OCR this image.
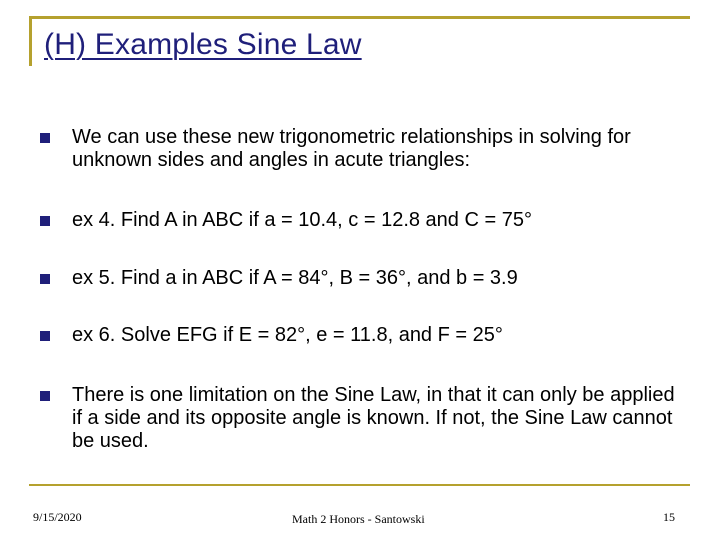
(H) Examples Sine Law
We can use these new trigonometric relationships in solving for unknown sides and angles in acute triangles:
ex 4. Find A in ABC if a = 10.4, c = 12.8 and C = 75°
ex 5. Find a in ABC if A = 84°, B = 36°, and b = 3.9
ex 6. Solve EFG if E = 82°, e = 11.8, and F = 25°
There is one limitation on the Sine Law, in that it can only be applied if a side and its opposite angle is known. If not, the Sine Law cannot be used.
9/15/2020	Math 2 Honors - Santowski	15
